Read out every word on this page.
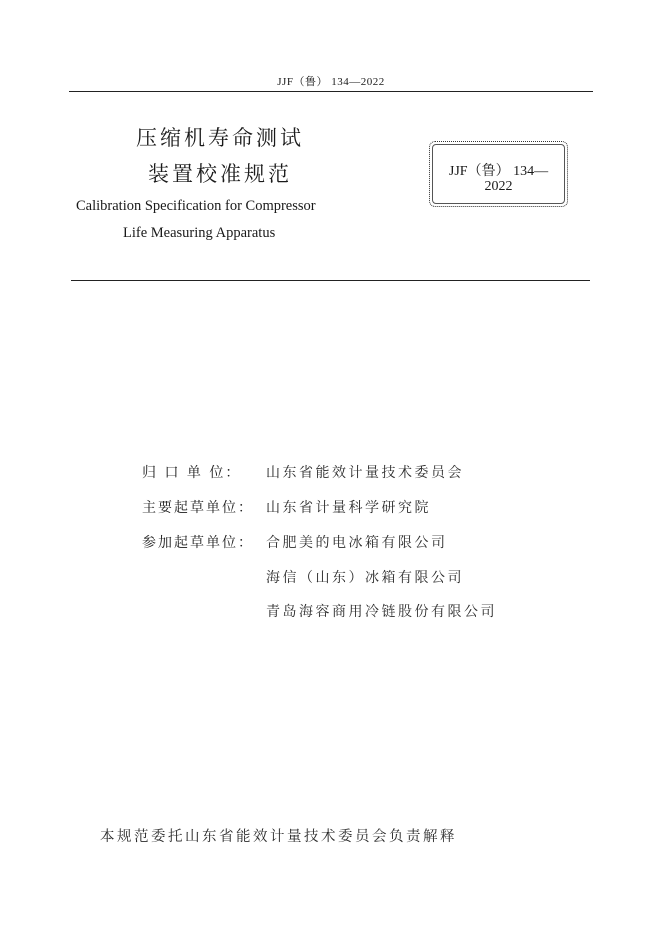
JJF（鲁） 134—2022
压缩机寿命测试
装置校准规范
Calibration Specification for Compressor
Life Measuring Apparatus
JJF（鲁） 134—
2022
归 口 单 位： 山东省能效计量技术委员会
主要起草单位： 山东省计量科学研究院
参加起草单位： 合肥美的电冰箱有限公司
海信（山东）冰箱有限公司
青岛海容商用冷链股份有限公司
本规范委托山东省能效计量技术委员会负责解释
